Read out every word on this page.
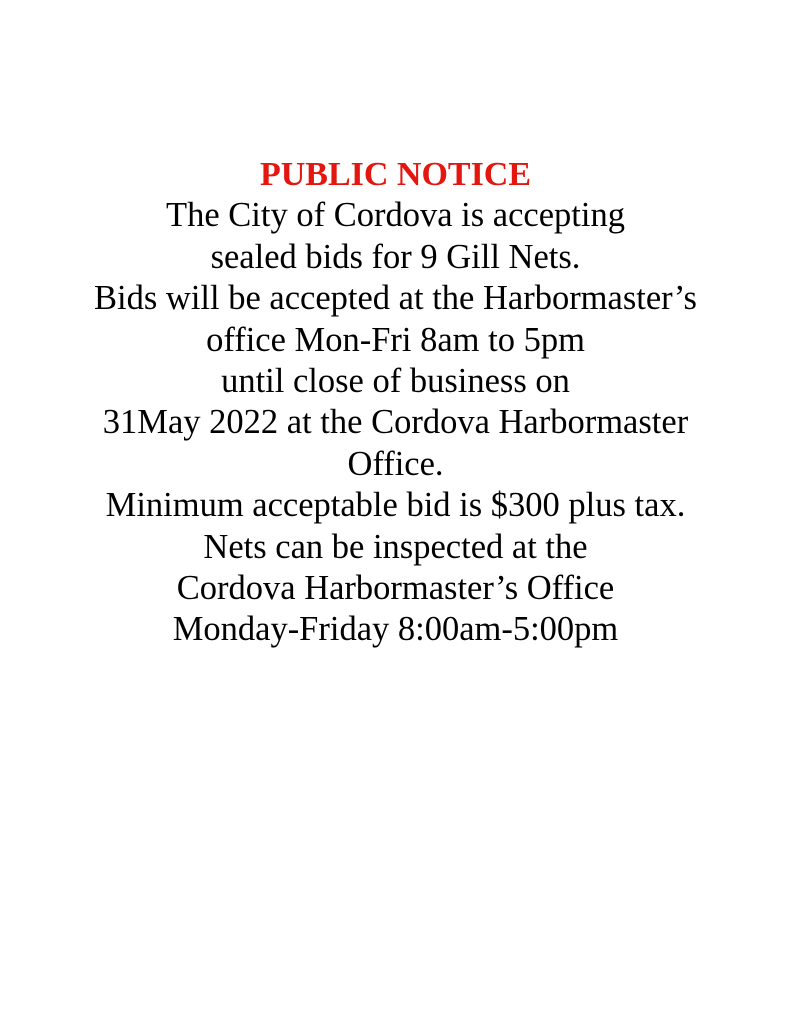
PUBLIC NOTICE
The City of Cordova is accepting
sealed bids for 9 Gill Nets.
Bids will be accepted at the Harbormaster’s
office Mon-Fri 8am to 5pm
until close of business on
31May 2022 at the Cordova Harbormaster
Office.
Minimum acceptable bid is $300 plus tax.
Nets can be inspected at the
Cordova Harbormaster’s Office
Monday-Friday 8:00am-5:00pm
